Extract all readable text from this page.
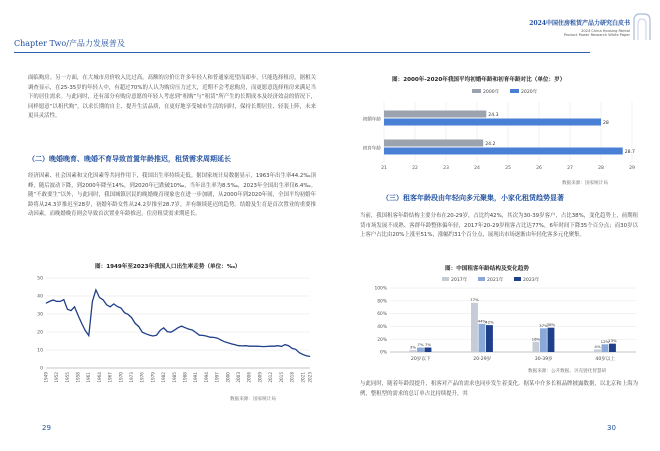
Chapter Two/产品力发展普及
面临购房。另一方面，在大城市房价收入比过高，高额的房价让许多年轻人和普通家庭望而却步，只能选择租房，据相关调查显示，在25-35岁的年轻人中，有超过70%的人认为购房压力过大，近期不会考虑购房，而更愿意选择租房来满足当下的居住需求。与此同时，还有部分有购房意愿的年轻人考虑到“租购”与“租赁”所产生的长期成本及经济效益的情况下，同样愿意“以租代购”，以求长期的自主、提升生活品质，在更好地享受城市生活的同时，保持长期居住、轻装上阵，未来更具灵活性。
（二）晚婚晚育、晚婚不育导致首置年龄推迟，租赁需求周期延长
经济因素、社会因素和文化因素等共同作用下，我国出生率持续走低。据国家统计局数据显示，1963年出生率44.2‰顶峰，随后波动下降，到2000年降至14%，到2020年已跌破10‰，当年出生率为8.5‰，2023年全国出生率仅6.4‰。随“不敢要生”以外，与此同时，我国城镇居民的晚婚晚育现象也在进一步加剧，从2000年到2020年间，全国平均初婚年龄将从24.3岁推迟至28岁，初婚年龄女性从24.2岁推至28.7岁，并有继续延迟的趋势。结婚及生育是首次置业的重要推动因素，而晚婚晚育则会导致首次置业年龄推迟，住房租赁需求期延长。
图：1949年至2023年我国人口出生率走势（单位：‰）
0
10
20
30
40
50
1949 1952 1955 1958 1961 1964 1967 1970 1973 1976 1979 1982 1985 1988 1991 1994 1997 2000 2003 2006 2009 2012 2015 2018 2021 2023
数据来源：国家统计局
29
2024中国住房租赁产品力研究白皮书
2024 China Housing Rental
Product Power Research White Paper
图：2000年-2020年我国平均初婚年龄和初育年龄对比（单位：岁）
2000年	2020年
21	22	23	24	25	26	27	28	29
初婚年龄
24.3
28
初育年龄
24.2
28.7
数据来源：国家统计局
（三）租客年龄段由年轻向多元聚集，小家化租赁趋势显著
当前，我国租客年龄结构主要分布在20-29岁，占比约42%，其次为30-39岁客户，占比38%，变化趋势上，前期租赁市场发展不成熟、客群年龄整体偏年轻，2017年20-29岁租客占比达77%，6年时间下降35个百分点；而30岁以上客户占比由20%上涨至51%，涨幅约31个百分点，展现出市场逐渐由年轻化客多元化聚集。
图：中国租客年龄结构及变化趋势
2017年	2021年	2023年
0%
20%
40%
60%
80%
100%
3%
7% 7%
20岁以下
77%
44%
42%
20-29岁
16%
37%
38%
30-39岁
4%
12%
13%
40岁以上
数据来源：公开数据、贝壳链化智慧研
与此同时，随着年龄段提升，租客对产品的需求也同步发生着变化。据某中介多长租品牌披露数据，以北京和上海为例，整租型的需求的总订单占比持续提升，其
30
